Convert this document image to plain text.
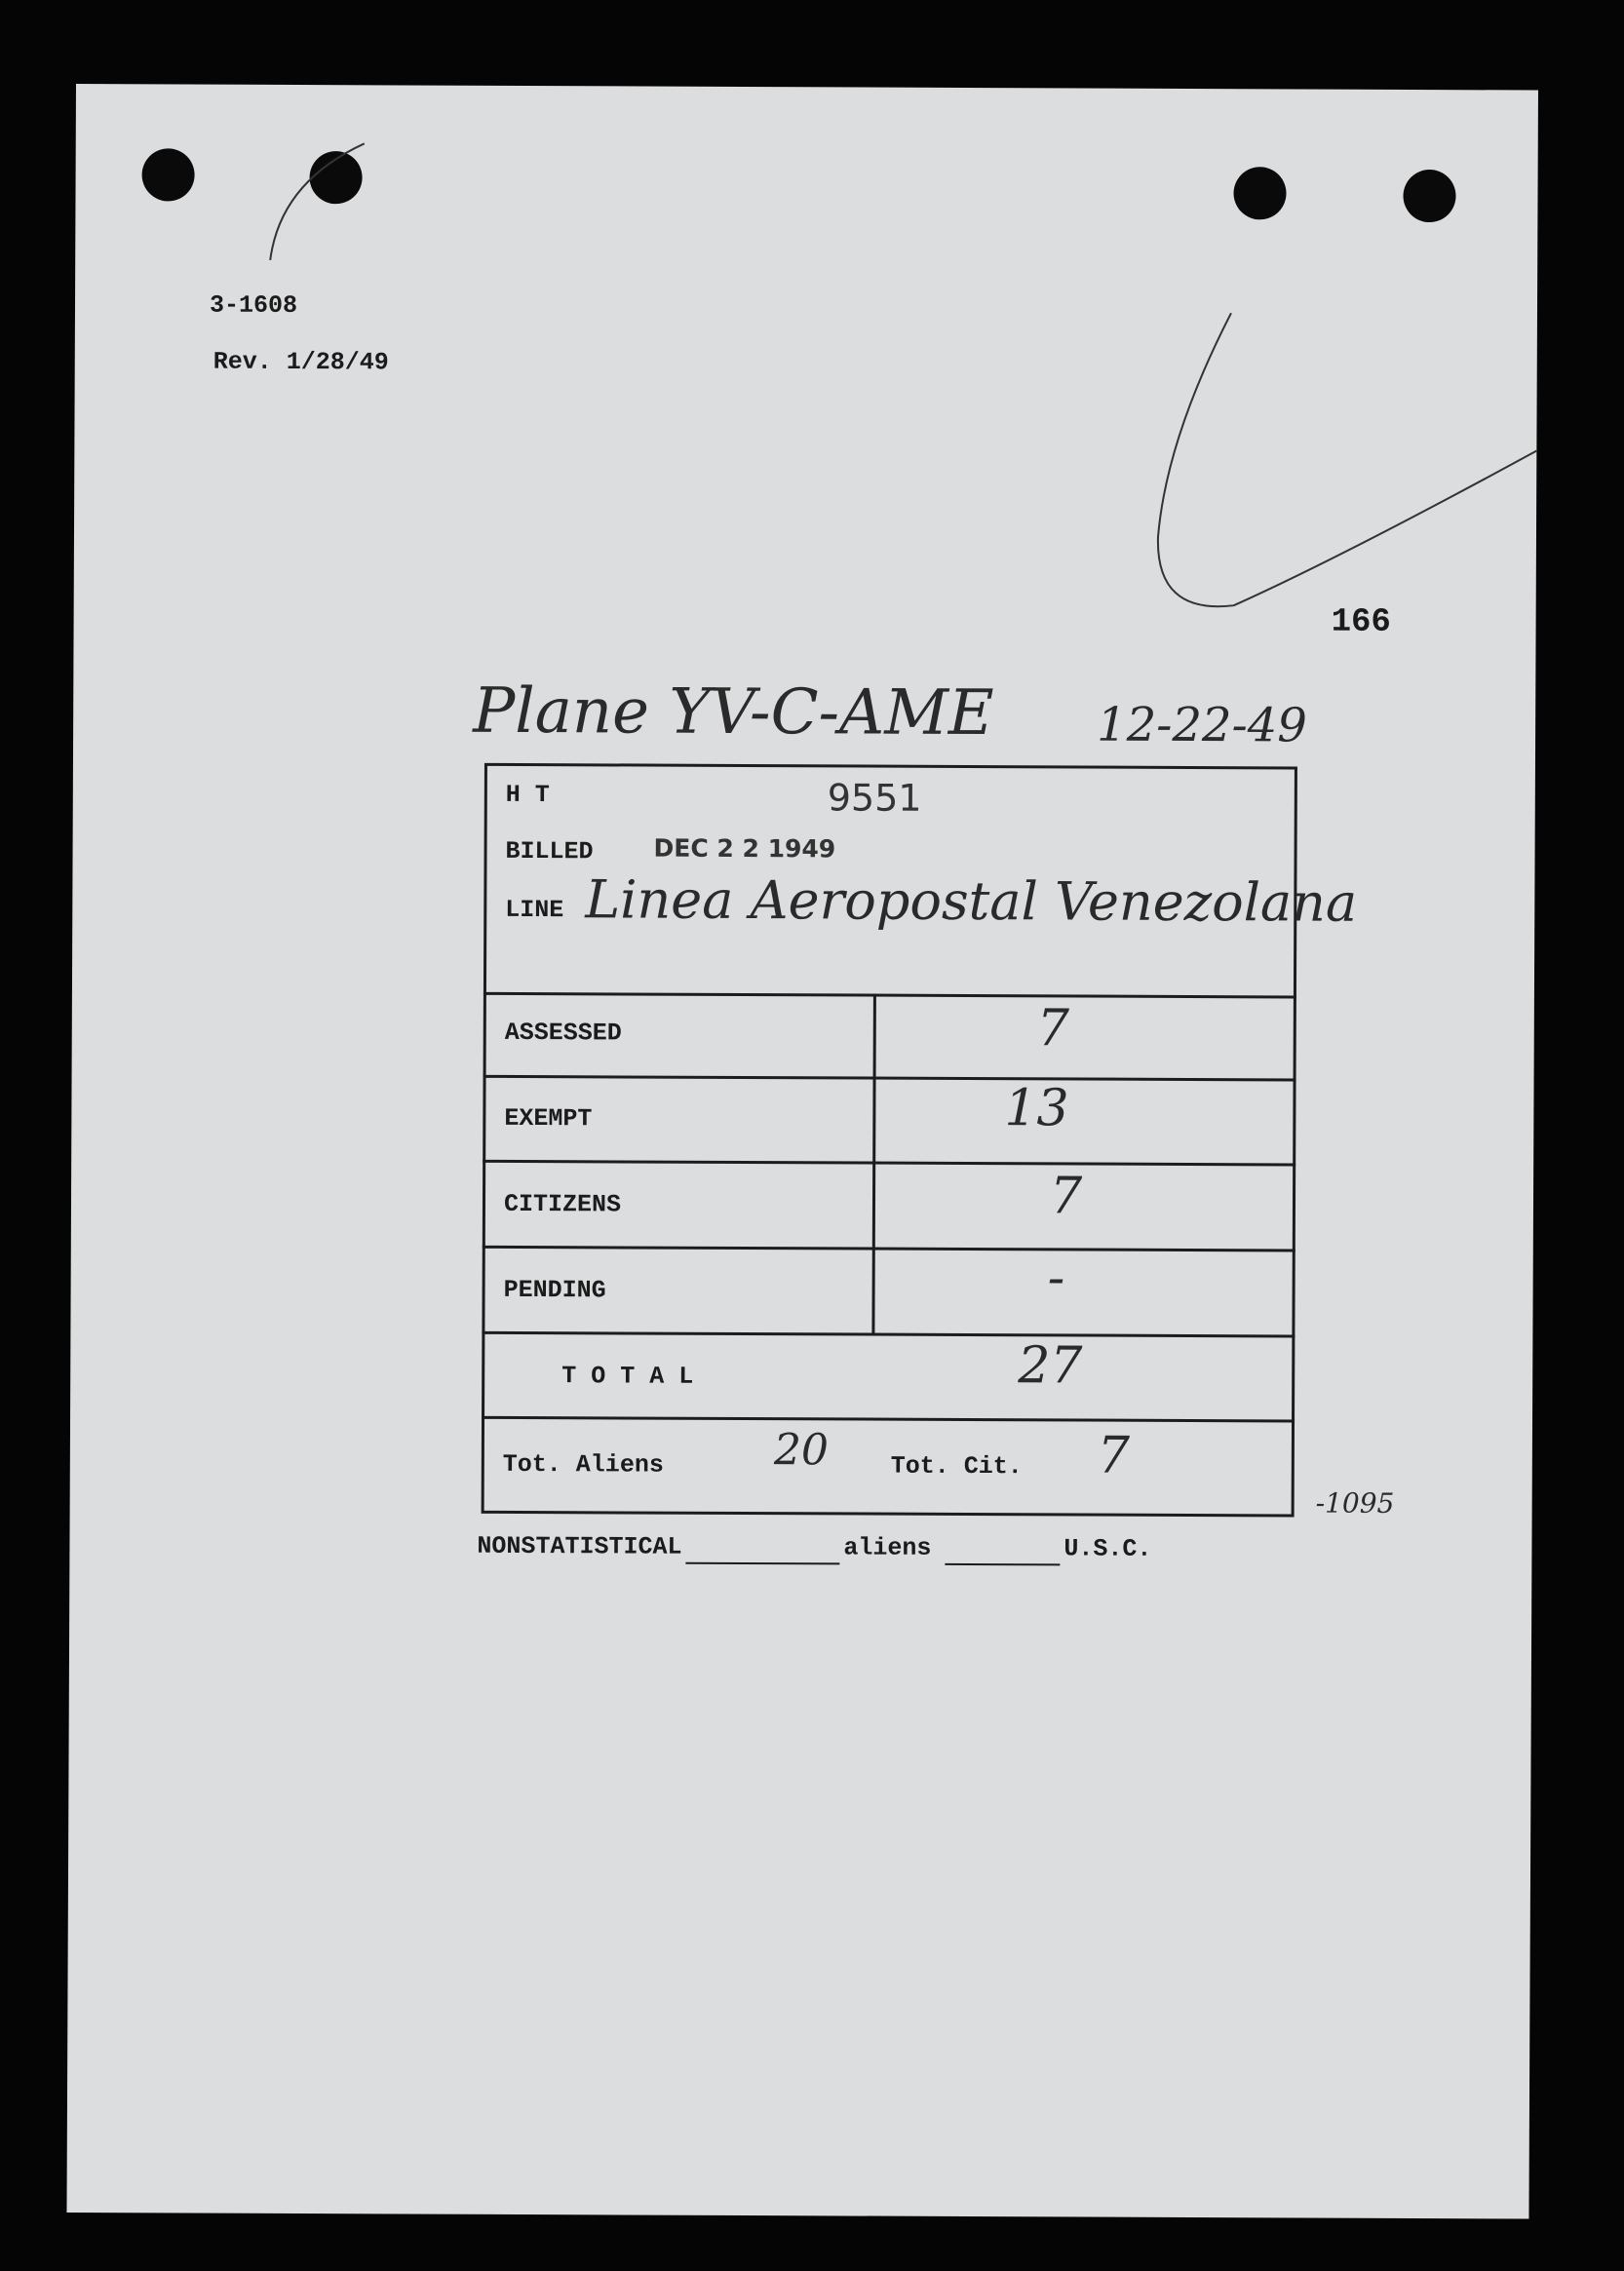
3-1608
Rev. 1/28/49
166
Plane YV-C-AME 12-22-49
H T	9551
BILLED DEC 2 2 1949
LINE Linea Aeropostal Venezolana
ASSESSED	7
EXEMPT	13
CITIZENS	7
PENDING	-
T O T A L	27
Tot. Aliens	20	Tot. Cit. 7
-1095
NONSTATISTICAL	aliens	U.S.C.
